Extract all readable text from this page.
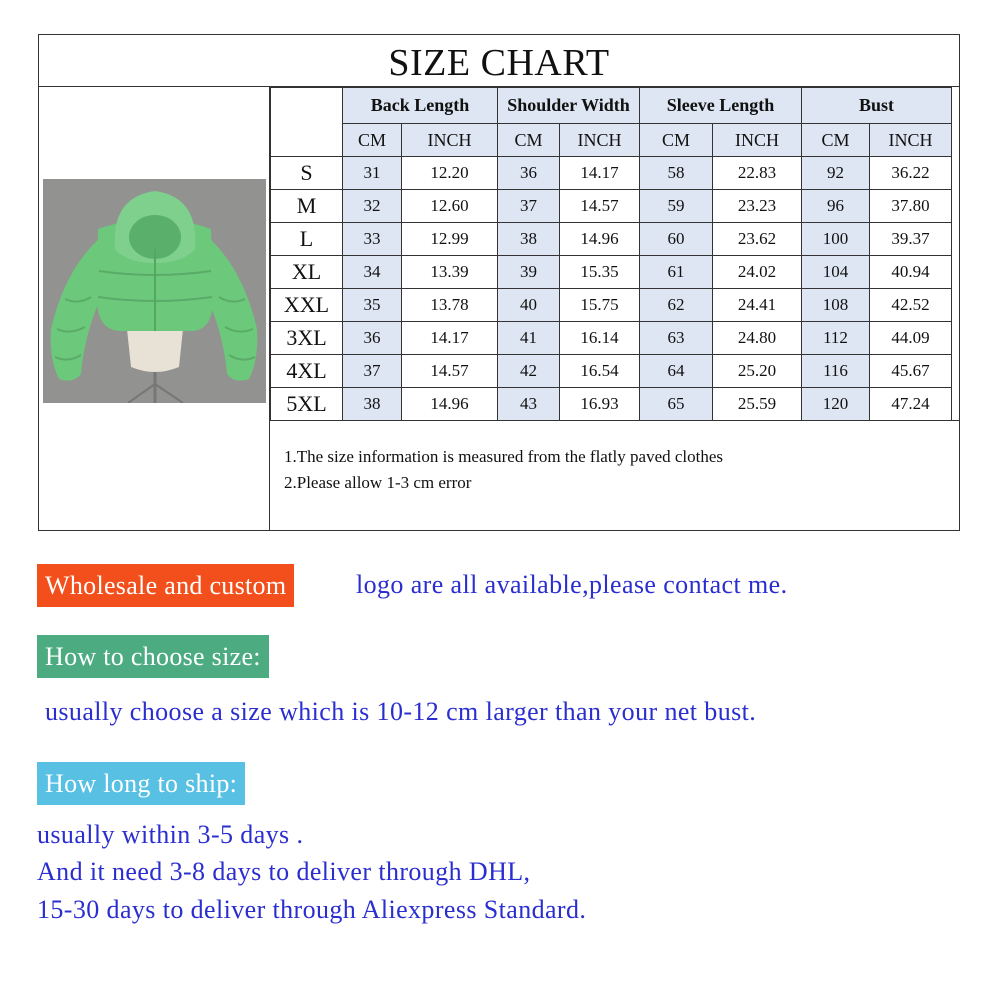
SIZE CHART
	Back Length		Shoulder Width		Sleeve Length		Bust	
	CM	INCH	CM	INCH	CM	INCH	CM	INCH
S	31	12.20	36	14.17	58	22.83	92	36.22
M	32	12.60	37	14.57	59	23.23	96	37.80
L	33	12.99	38	14.96	60	23.62	100	39.37
XL	34	13.39	39	15.35	61	24.02	104	40.94
XXL	35	13.78	40	15.75	62	24.41	108	42.52
3XL	36	14.17	41	16.14	63	24.80	112	44.09
4XL	37	14.57	42	16.54	64	25.20	116	45.67
5XL	38	14.96	43	16.93	65	25.59	120	47.24
1.The size information is measured from the flatly paved clothes
2.Please allow 1-3 cm error
Wholesale and custom	logo are all available,please contact me.
How to choose size:
usually choose a size which is 10-12 cm larger than your net bust.
How long to ship:
usually within 3-5 days .
And it need 3-8 days to deliver through DHL,
15-30 days to deliver through Aliexpress Standard.
